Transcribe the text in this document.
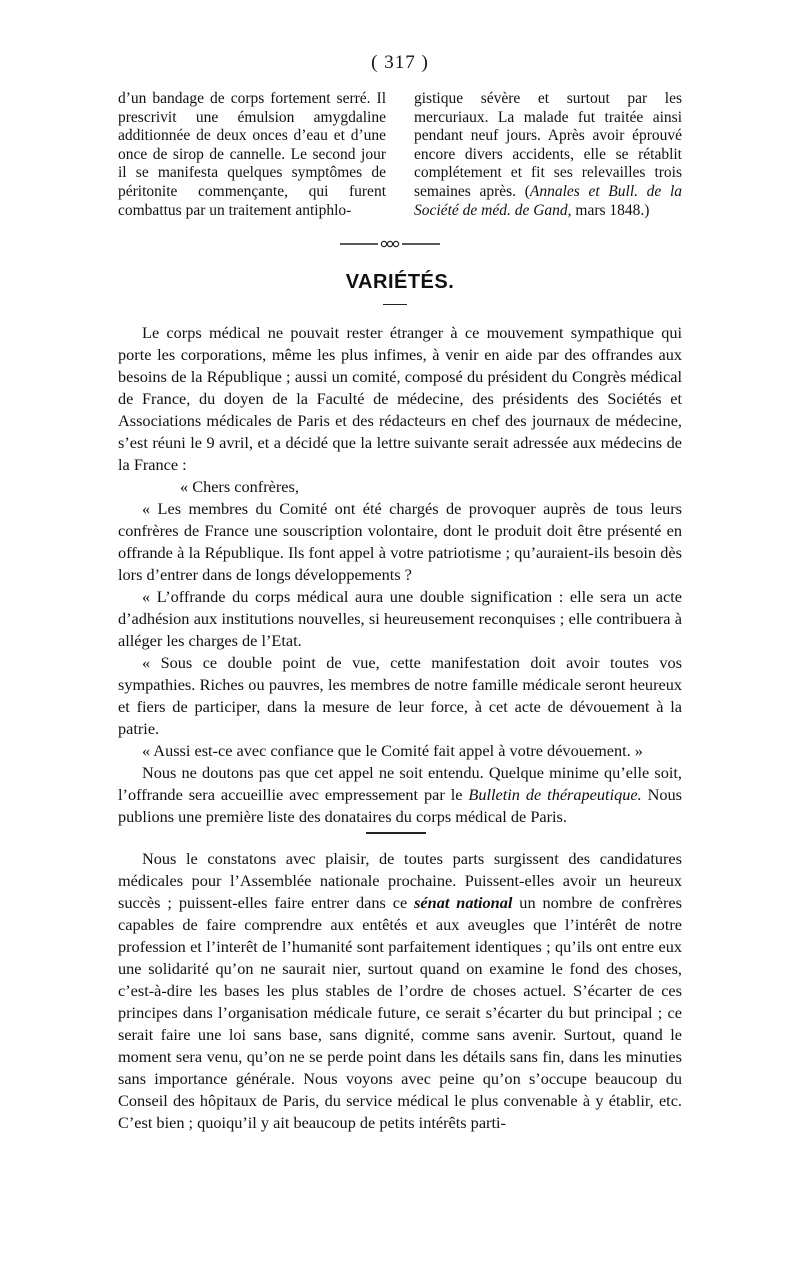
( 317 )

d’un bandage de corps fortement serré. Il prescrivit une émulsion amygdaline additionnée de deux onces d’eau et d’une once de sirop de cannelle. Le second jour il se manifesta quelques symptômes de péritonite commençante, qui furent combattus par un traitement antiphlo-

gistique sévère et surtout par les mercuriaux. La malade fut traitée ainsi pendant neuf jours. Après avoir éprouvé encore divers accidents, elle se rétablit complétement et fit ses relevailles trois semaines après. (Annales et Bull. de la Société de méd. de Gand, mars 1848.)

VARIÉTÉS.

Le corps médical ne pouvait rester étranger à ce mouvement sympathique qui porte les corporations, même les plus infimes, à venir en aide par des offrandes aux besoins de la République ; aussi un comité, composé du président du Congrès médical de France, du doyen de la Faculté de médecine, des présidents des Sociétés et Associations médicales de Paris et des rédacteurs en chef des journaux de médecine, s’est réuni le 9 avril, et a décidé que la lettre suivante serait adressée aux médecins de la France :

« Chers confrères,

« Les membres du Comité ont été chargés de provoquer auprès de tous leurs confrères de France une souscription volontaire, dont le produit doit être présenté en offrande à la République. Ils font appel à votre patriotisme ; qu’auraient-ils besoin dès lors d’entrer dans de longs développements ?

« L’offrande du corps médical aura une double signification : elle sera un acte d’adhésion aux institutions nouvelles, si heureusement reconquises ; elle contribuera à alléger les charges de l’Etat.

« Sous ce double point de vue, cette manifestation doit avoir toutes vos sympathies. Riches ou pauvres, les membres de notre famille médicale seront heureux et fiers de participer, dans la mesure de leur force, à cet acte de dévouement à la patrie.

« Aussi est-ce avec confiance que le Comité fait appel à votre dévouement. »

Nous ne doutons pas que cet appel ne soit entendu. Quelque minime qu’elle soit, l’offrande sera accueillie avec empressement par le Bulletin de thérapeutique. Nous publions une première liste des donataires du corps médical de Paris.

Nous le constatons avec plaisir, de toutes parts surgissent des candidatures médicales pour l’Assemblée nationale prochaine. Puissent-elles avoir un heureux succès ; puissent-elles faire entrer dans ce sénat national un nombre de confrères capables de faire comprendre aux entêtés et aux aveugles que l’intérêt de notre profession et l’interêt de l’humanité sont parfaitement identiques ; qu’ils ont entre eux une solidarité qu’on ne saurait nier, surtout quand on examine le fond des choses, c’est-à-dire les bases les plus stables de l’ordre de choses actuel. S’écarter de ces principes dans l’organisation médicale future, ce serait s’écarter du but principal ; ce serait faire une loi sans base, sans dignité, comme sans avenir. Surtout, quand le moment sera venu, qu’on ne se perde point dans les détails sans fin, dans les minuties sans importance générale. Nous voyons avec peine qu’on s’occupe beaucoup du Conseil des hôpitaux de Paris, du service médical le plus convenable à y établir, etc. C’est bien ; quoiqu’il y ait beaucoup de petits intérêts parti-
